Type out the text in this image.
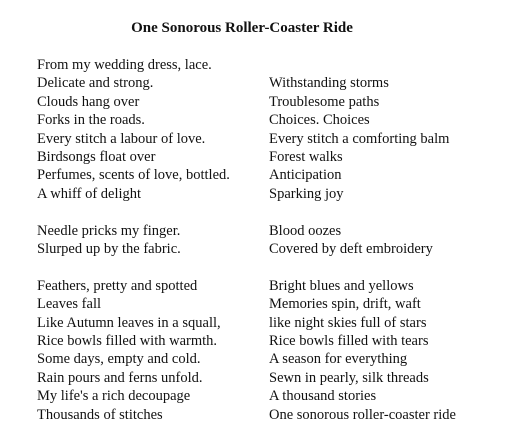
One Sonorous Roller-Coaster Ride
From my wedding dress, lace.
Delicate and strong.	Withstanding storms
Clouds hang over	Troublesome paths
Forks in the roads.	Choices. Choices
Every stitch a labour of love.	Every stitch a comforting balm
Birdsongs float over	Forest walks
Perfumes, scents of love, bottled.	Anticipation
A whiff of delight	Sparking joy
Needle pricks my finger.	Blood oozes
Slurped up by the fabric.	Covered by deft embroidery
Feathers, pretty and spotted	Bright blues and yellows
Leaves fall	Memories spin, drift, waft
Like Autumn leaves in a squall,	like night skies full of stars
Rice bowls filled with warmth.	Rice bowls filled with tears
Some days, empty and cold.	A season for everything
Rain pours and ferns unfold.	Sewn in pearly, silk threads
My life's a rich decoupage	A thousand stories
Thousands of stitches	One sonorous roller-coaster ride
